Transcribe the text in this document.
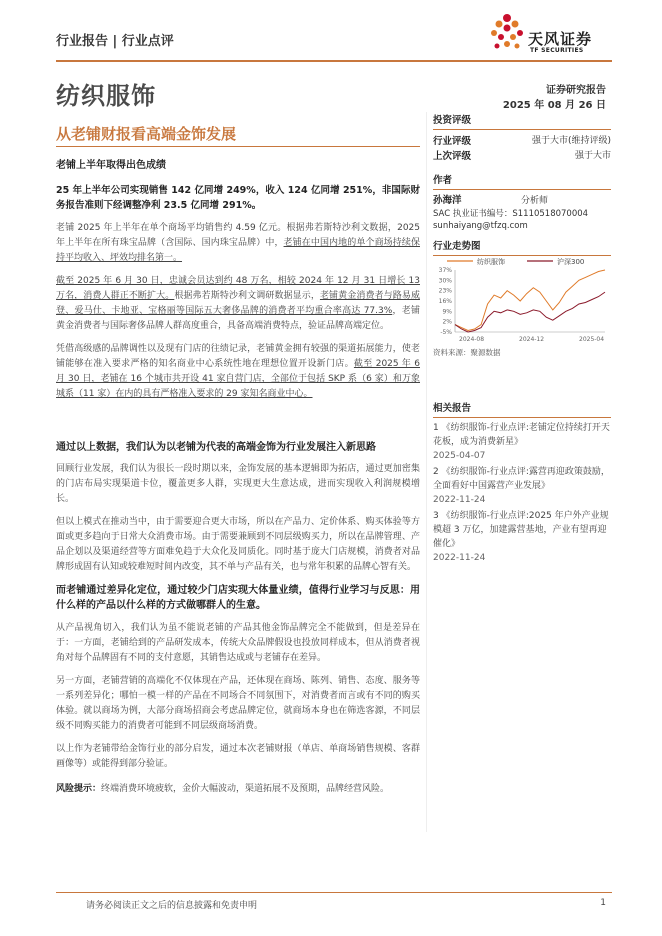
行业报告 | 行业点评	天风证券
TF SECURITIES
纺织服饰	证券研究报告
2025 年 08 月 26 日
从老铺财报看高端金饰发展

老铺上半年取得出色成绩

25 年上半年公司实现销售 142 亿同增 249%，收入 124 亿同增 251%，非国际财务报告准则下经调整净利 23.5 亿同增 291%。

老铺 2025 年上半年在单个商场平均销售约 4.59 亿元。根据弗若斯特沙利文数据，2025 年上半年在所有珠宝品牌（含国际、国内珠宝品牌）中，老铺在中国内地的单个商场持续保持平均收入、坪效均排名第一。

截至 2025 年 6 月 30 日，忠诚会员达到约 48 万名，相较 2024 年 12 月 31 日增长 13 万名，消费人群正不断扩大。根据弗若斯特沙利文调研数据显示，老铺黄金消费者与路易威登、爱马仕、卡地亚、宝格丽等国际五大奢侈品牌的消费者平均重合率高达 77.3%，老铺黄金消费者与国际奢侈品牌人群高度重合，具备高端消费特点，验证品牌高端定位。

凭借高级感的品牌调性以及现有门店的往绩记录，老铺黄金拥有较强的渠道拓展能力，使老铺能够在准入要求严格的知名商业中心系统性地在理想位置开设新门店。截至 2025 年 6 月 30 日，老铺在 16 个城市共开设 41 家自营门店，全部位于包括 SKP 系（6 家）和万象城系（11 家）在内的具有严格准入要求的 29 家知名商业中心。

通过以上数据，我们认为以老铺为代表的高端金饰为行业发展注入新思路

回顾行业发展，我们认为很长一段时期以来，金饰发展的基本逻辑即为拓店，通过更加密集的门店布局实现渠道卡位，覆盖更多人群，实现更大生意达成，进而实现收入利润规模增长。

但以上模式在推动当中，由于需要迎合更大市场，所以在产品力、定价体系、购买体验等方面或更多趋向于日常大众消费市场。由于需要兼顾到不同层级购买力，所以在品牌管理、产品企划以及渠道经营等方面难免趋于大众化及同质化。同时基于庞大门店规模，消费者对品牌形成固有认知或较难短时间内改变，其不单与产品有关，也与常年积累的品牌心智有关。

而老铺通过差异化定位，通过较少门店实现大体量业绩，值得行业学习与反思：用什么样的产品以什么样的方式做哪群人的生意。

从产品视角切入，我们认为虽不能说老铺的产品其他金饰品牌完全不能做到，但是差异在于：一方面，老铺给到的产品研发成本，传统大众品牌假设也投放同样成本，但从消费者视角对每个品牌固有不同的支付意愿，其销售达成或与老铺存在差异。

另一方面，老铺营销的高端化不仅体现在产品，还体现在商场、陈列、销售、态度、服务等一系列差异化；哪怕一模一样的产品在不同场合不同氛围下，对消费者而言或有不同的购买体验。就以商场为例，大部分商场招商会考虑品牌定位，就商场本身也在筛选客源，不同层级不同购买能力的消费者可能到不同层级商场消费。

以上作为老铺带给金饰行业的部分启发，通过本次老铺财报（单店、单商场销售规模、客群画像等）或能得到部分验证。

风险提示：终端消费环境疲软，金价大幅波动，渠道拓展不及预期，品牌经营风险。

投资评级
行业评级	强于大市(维持评级)
上次评级	强于大市
作者
孙海洋	分析师
SAC 执业证书编号：S1110518070004
sunhaiyang@tfzq.com
行业走势图
纺织服饰	沪深300
37%
30%
23%
16%
9%
2%
-5%
2024-08	2024-12	2025-04
资料来源：聚源数据
相关报告
1 《纺织服饰-行业点评:老铺定位持续打开天花板，成为消费新星》
2025-04-07
2 《纺织服饰-行业点评:露营再迎政策鼓励，全面看好中国露营产业发展》
2022-11-24
3 《纺织服饰-行业点评:2025 年户外产业规模超 3 万亿，加建露营基地，产业有望再迎催化》
2022-11-24
请务必阅读正文之后的信息披露和免责申明	1
